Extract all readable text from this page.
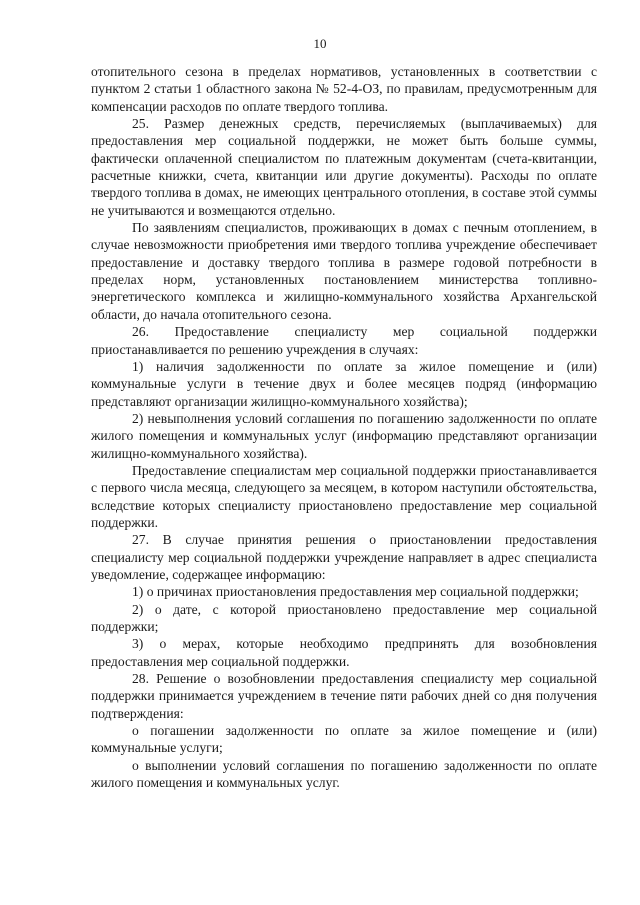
10

отопительного сезона в пределах нормативов, установленных в соответствии с пунктом 2 статьи 1 областного закона № 52-4-ОЗ, по правилам, предусмотренным для компенсации расходов по оплате твердого топлива.

25. Размер денежных средств, перечисляемых (выплачиваемых) для предоставления мер социальной поддержки, не может быть больше суммы, фактически оплаченной специалистом по платежным документам (счета-квитанции, расчетные книжки, счета, квитанции или другие документы). Расходы по оплате твердого топлива в домах, не имеющих центрального отопления, в составе этой суммы не учитываются и возмещаются отдельно.

По заявлениям специалистов, проживающих в домах с печным отоплением, в случае невозможности приобретения ими твердого топлива учреждение обеспечивает предоставление и доставку твердого топлива в размере годовой потребности в пределах норм, установленных постановлением министерства топливно-энергетического комплекса и жилищно-коммунального хозяйства Архангельской области, до начала отопительного сезона.

26. Предоставление специалисту мер социальной поддержки приостанавливается по решению учреждения в случаях:

1) наличия задолженности по оплате за жилое помещение и (или) коммунальные услуги в течение двух и более месяцев подряд (информацию представляют организации жилищно-коммунального хозяйства);

2) невыполнения условий соглашения по погашению задолженности по оплате жилого помещения и коммунальных услуг (информацию представляют организации жилищно-коммунального хозяйства).

Предоставление специалистам мер социальной поддержки приостанавливается с первого числа месяца, следующего за месяцем, в котором наступили обстоятельства, вследствие которых специалисту приостановлено предоставление мер социальной поддержки.

27. В случае принятия решения о приостановлении предоставления специалисту мер социальной поддержки учреждение направляет в адрес специалиста уведомление, содержащее информацию:

1) о причинах приостановления предоставления мер социальной поддержки;

2) о дате, с которой приостановлено предоставление мер социальной поддержки;

3) о мерах, которые необходимо предпринять для возобновления предоставления мер социальной поддержки.

28. Решение о возобновлении предоставления специалисту мер социальной поддержки принимается учреждением в течение пяти рабочих дней со дня получения подтверждения:

о погашении задолженности по оплате за жилое помещение и (или) коммунальные услуги;

о выполнении условий соглашения по погашению задолженности по оплате жилого помещения и коммунальных услуг.
